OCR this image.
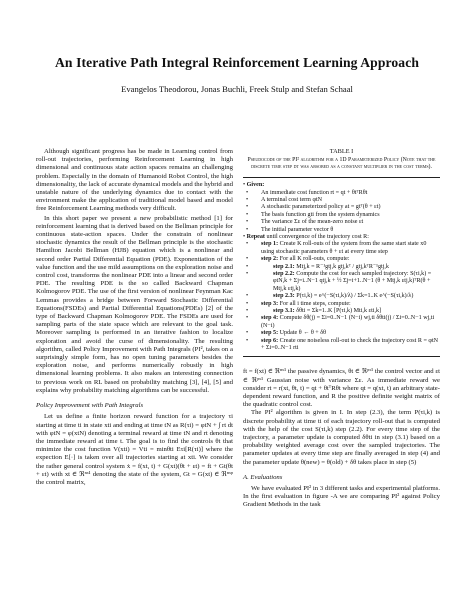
An Iterative Path Integral Reinforcement Learning Approach
Evangelos Theodorou, Jonas Buchli, Freek Stulp and Stefan Schaal

Although significant progress has be made in Learning control from roll-out trajectories, performing Reinforcement Learning in high dimensional and continuous state action spaces remains an challenging problem. Especially in the domain of Humanoid Robot Control, the high dimensionality, the lack of accurate dynamical models and the hybrid and unstable nature of the underlying dynamics due to contact with the environment make the application of traditional model based and model free Reinforcement Learning methods very difficult.

In this short paper we present a new probabilistic method [1] for reinforcement learning that is derived based on the Bellman principle for continuous state-action spaces. Under the constrain of nonlinear stochastic dynamics the result of the Bellman principle is the stochastic Hamilton Jacobi Bellman (HJB) equation which is a nonlinear and second order Partial Differential Equation (PDE). Exponentiation of the value function and the use mild assumptions on the exploration noise and control cost, transforms the nonlinear PDE into a linear and second order PDE. The resulting PDE is the so called Backward Chapman Kolmogorov PDE. The use of the first version of nonlinear Feynman Kac Lemmas provides a bridge between Forward Stochastic Differential Equations(FSDEs) and Partial Differential Equations(PDEs) [2] of the type of Backward Chapman Kolmogorov PDE. The FSDEs are used for sampling parts of the state space which are relevant to the goal task. Moreover sampling is performed in an iterative fashion to localize exploration and avoid the curse of dimensionality. The resulting algorithm, called Policy Improvement with Path Integrals (PI², takes on a surprisingly simple form, has no open tuning parameters besides the exploration noise, and performs numerically robustly in high dimensional learning problems. It also makes an interesting connection to previous work on RL based on probability matching [3], [4], [5] and explains why probability matching algorithms can be successful.

Policy Improvement with Path Integrals

Let us define a finite horizon reward function for a trajectory τi starting at time ti in state xti and ending at time tN as R(τi) = φtN + ∫ rt dt with φtN = φ(xtN) denoting a terminal reward at time tN and rt denoting the immediate reward at time t. The goal is to find the controls θt that minimize the cost function V(xti) = Vti = minθti Eτi[R(τi)] where the expection E[·] is taken over all trajectories starting at xti. We consider the rather general control system ẋ = f(xt, t) + G(xt)(θt + εt) = ft + Gt(θt + εt) with xt ∈ ℜⁿˣ¹ denoting the state of the system, Gt = G(xt) ∈ ℜⁿˣᵖ the control matrix,

TABLE I
Pseudocode of the PI² algorithm for a 1D Parameterized Policy (Note that the discrete time step dt was absobed as a constant multiplier in the cost terms).
• Given:
• An immediate cost function rt = qt + θtᵀRθt
• A terminal cost term φtN
• A stochastic parameterized policy at = gtᵀ(θ + εt)
• The basis function gti from the system dynamics
• The variance Σε of the mean-zero noise εt
• The initial parameter vector θ
• Repeat until convergence of the trajectory cost R:
• step 1: Create K roll-outs of the system from the same start state x0 using stochastic parameters θ + εt at every time step
• step 2: For all K roll-outs, compute:
• step 2.1: Mtj,k = R⁻¹gtj,k gtj,kᵀ / gtj,kᵀR⁻¹gtj,k
• step 2.2: Compute the cost for each sampled trajectory: S(τi,k) = φtN,k + Σj=i..N−1 qtj,k + ½ Σj=i+1..N−1 (θ + Mtj,k εtj,k)ᵀR(θ + Mtj,k εtj,k)
• step 2.3: P(τi,k) = e^(−S(τi,k)/λ) / Σk=1..K e^(−S(τi,k)/λ)
• step 3: For all i time steps, compute:
• step 3.1: δθti = Σk=1..K [P(τi,k) Mti,k εti,k]
• step 4: Compute δθ(j) = Σi=0..N−1 (N−i) wj,ti δθti(j) / Σi=0..N−1 wj,ti (N−i)
• step 5: Update θ ← θ + δθ
• step 6: Create one noiseless roll-out to check the trajectory cost R = φtN + Σi=0..N−1 rti

ft = f(xt) ∈ ℜⁿˣ¹ the passive dynamics, θt ∈ ℜᵖˣ¹ the control vector and εt ∈ ℜᵖˣ¹ Gaussian noise with variance Σε. As immediate reward we consider rt = r(xt, θt, t) = qt + θtᵀRθt where qt = q(xt, t) an arbitrary state-dependent reward function, and R the positive definite weight matrix of the quadratic control cost.

The PI² algorithm is given in I. In step (2.3), the term P(τi,k) is discrete probability at time ti of each trajectory roll-out that is computed with the help of the cost S(τi,k) step (2.2). For every time step of the trajectory, a parameter update is computed δθti in step (3.1) based on a probability weighted average cost over the sampled trajectories. The parameter updates at every time step are finally averaged in step (4) and the parameter update θ(new) = θ(old) + δθ takes place in step (5)

A. Evaluations

We have evaluated PI² in 3 different tasks and experimental platforms. In the first evaluation in figure -A we are comparing PI² against Policy Gradient Methods in the task
